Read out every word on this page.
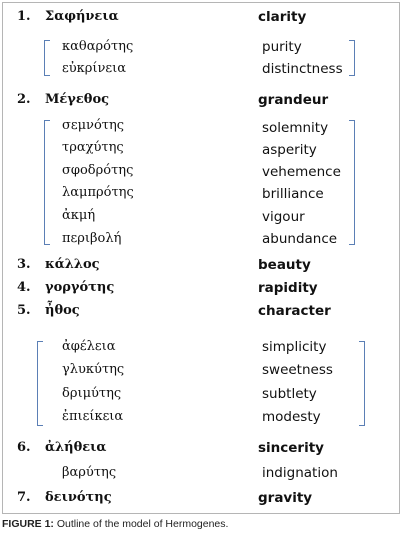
1. Σαφήνεια	clarity
καθαρότης	purity
εὐκρίνεια	distinctness
2. Μέγεθος	grandeur
σεμνότης	solemnity
τραχύτης	asperity
σφοδρότης	vehemence
λαμπρότης	brilliance
ἀκμή	vigour
περιβολή	abundance
3. κάλλος	beauty
4. γοργότης	rapidity
5. ἦθος	character
ἀφέλεια	simplicity
γλυκύτης	sweetness
δριμύτης	subtlety
ἐπιείκεια	modesty
6. ἀλήθεια	sincerity
βαρύτης	indignation
7. δεινότης	gravity
FIGURE 1: Outline of the model of Hermogenes.
